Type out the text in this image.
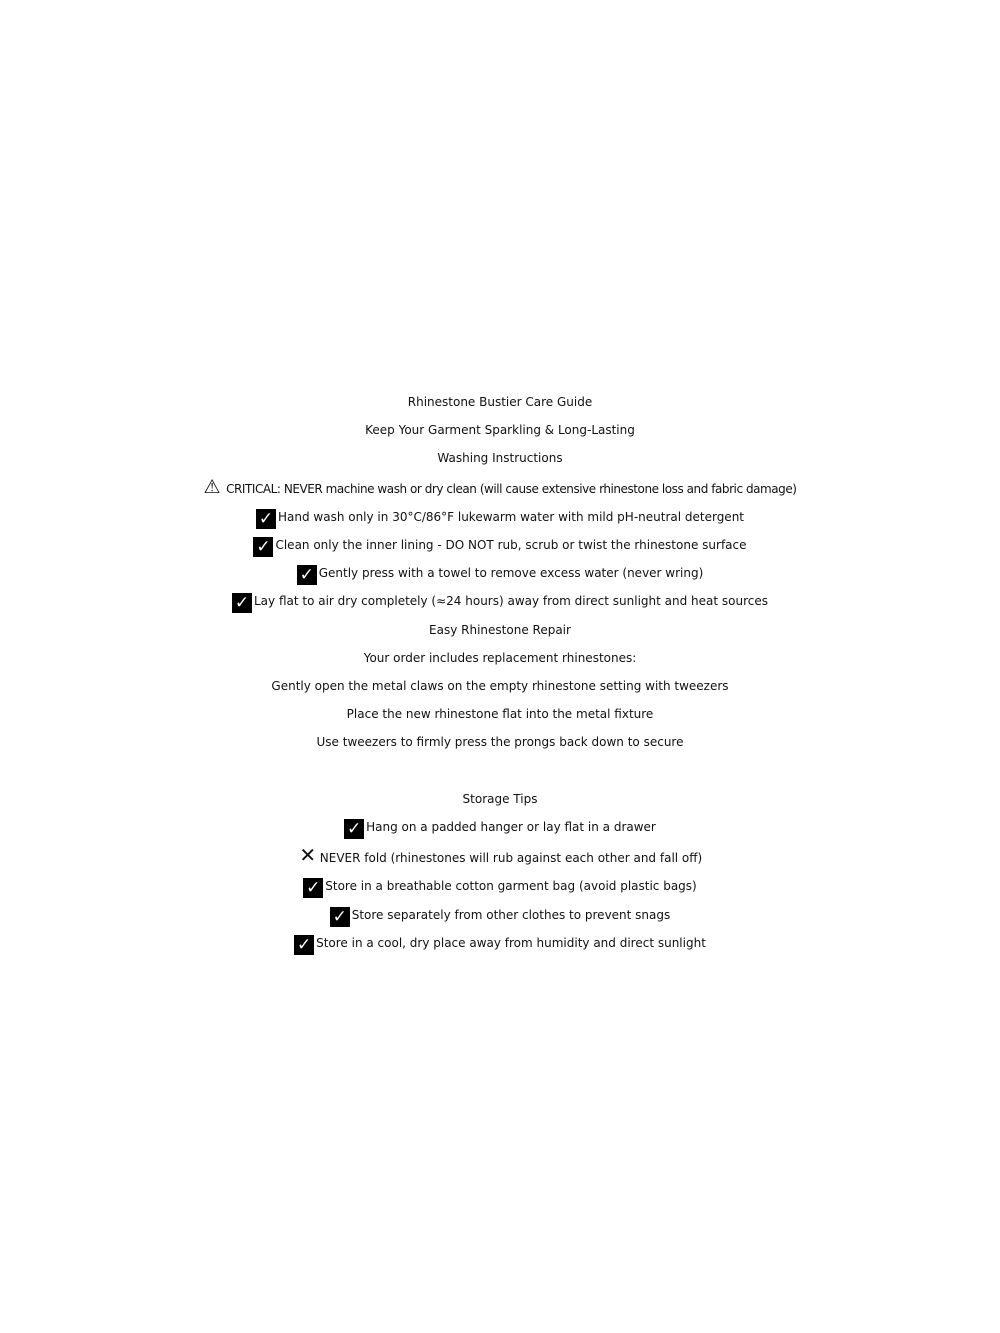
Rhinestone Bustier Care Guide
Keep Your Garment Sparkling & Long-Lasting
Washing Instructions
⚠ CRITICAL: NEVER machine wash or dry clean (will cause extensive rhinestone loss and fabric damage)
✓ Hand wash only in 30°C/86°F lukewarm water with mild pH-neutral detergent
✓ Clean only the inner lining - DO NOT rub, scrub or twist the rhinestone surface
✓ Gently press with a towel to remove excess water (never wring)
✓ Lay flat to air dry completely (≈24 hours) away from direct sunlight and heat sources
Easy Rhinestone Repair
Your order includes replacement rhinestones:
Gently open the metal claws on the empty rhinestone setting with tweezers
Place the new rhinestone flat into the metal fixture
Use tweezers to firmly press the prongs back down to secure
Storage Tips
✓ Hang on a padded hanger or lay flat in a drawer
✕ NEVER fold (rhinestones will rub against each other and fall off)
✓ Store in a breathable cotton garment bag (avoid plastic bags)
✓ Store separately from other clothes to prevent snags
✓ Store in a cool, dry place away from humidity and direct sunlight
